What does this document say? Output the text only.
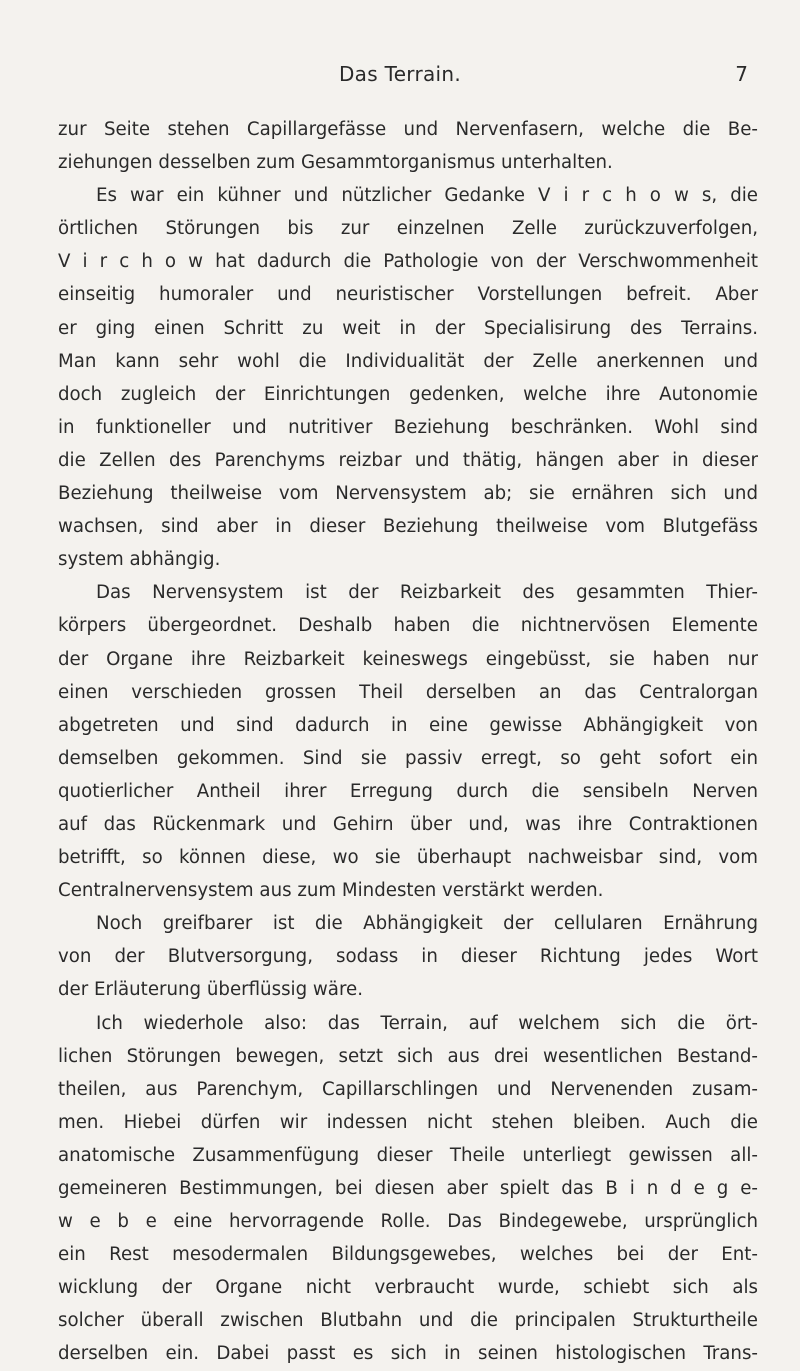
Das Terrain.	7
zur Seite stehen Capillargefässe und Nervenfasern, welche die Be-
ziehungen desselben zum Gesammtorganismus unterhalten.
Es war ein kühner und nützlicher Gedanke V i r c h o w s, die
örtlichen Störungen bis zur einzelnen Zelle zurückzuverfolgen,
V i r c h o w hat dadurch die Pathologie von der Verschwommenheit
einseitig humoraler und neuristischer Vorstellungen befreit. Aber
er ging einen Schritt zu weit in der Specialisirung des Terrains.
Man kann sehr wohl die Individualität der Zelle anerkennen und
doch zugleich der Einrichtungen gedenken, welche ihre Autonomie
in funktioneller und nutritiver Beziehung beschränken. Wohl sind
die Zellen des Parenchyms reizbar und thätig, hängen aber in dieser
Beziehung theilweise vom Nervensystem ab; sie ernähren sich und
wachsen, sind aber in dieser Beziehung theilweise vom Blutgefäss
system abhängig.
Das Nervensystem ist der Reizbarkeit des gesammten Thier-
körpers übergeordnet. Deshalb haben die nichtnervösen Elemente
der Organe ihre Reizbarkeit keineswegs eingebüsst, sie haben nur
einen verschieden grossen Theil derselben an das Centralorgan
abgetreten und sind dadurch in eine gewisse Abhängigkeit von
demselben gekommen. Sind sie passiv erregt, so geht sofort ein
quotierlicher Antheil ihrer Erregung durch die sensibeln Nerven
auf das Rückenmark und Gehirn über und, was ihre Contraktionen
betrifft, so können diese, wo sie überhaupt nachweisbar sind, vom
Centralnervensystem aus zum Mindesten verstärkt werden.
Noch greifbarer ist die Abhängigkeit der cellularen Ernährung
von der Blutversorgung, sodass in dieser Richtung jedes Wort
der Erläuterung überflüssig wäre.
Ich wiederhole also: das Terrain, auf welchem sich die ört-
lichen Störungen bewegen, setzt sich aus drei wesentlichen Bestand-
theilen, aus Parenchym, Capillarschlingen und Nervenenden zusam-
men. Hiebei dürfen wir indessen nicht stehen bleiben. Auch die
anatomische Zusammenfügung dieser Theile unterliegt gewissen all-
gemeineren Bestimmungen, bei diesen aber spielt das B i n d e g e-
w e b e eine hervorragende Rolle. Das Bindegewebe, ursprünglich
ein Rest mesodermalen Bildungsgewebes, welches bei der Ent-
wicklung der Organe nicht verbraucht wurde, schiebt sich als
solcher überall zwischen Blutbahn und die principalen Strukturtheile
derselben ein. Dabei passt es sich in seinen histologischen Trans-
